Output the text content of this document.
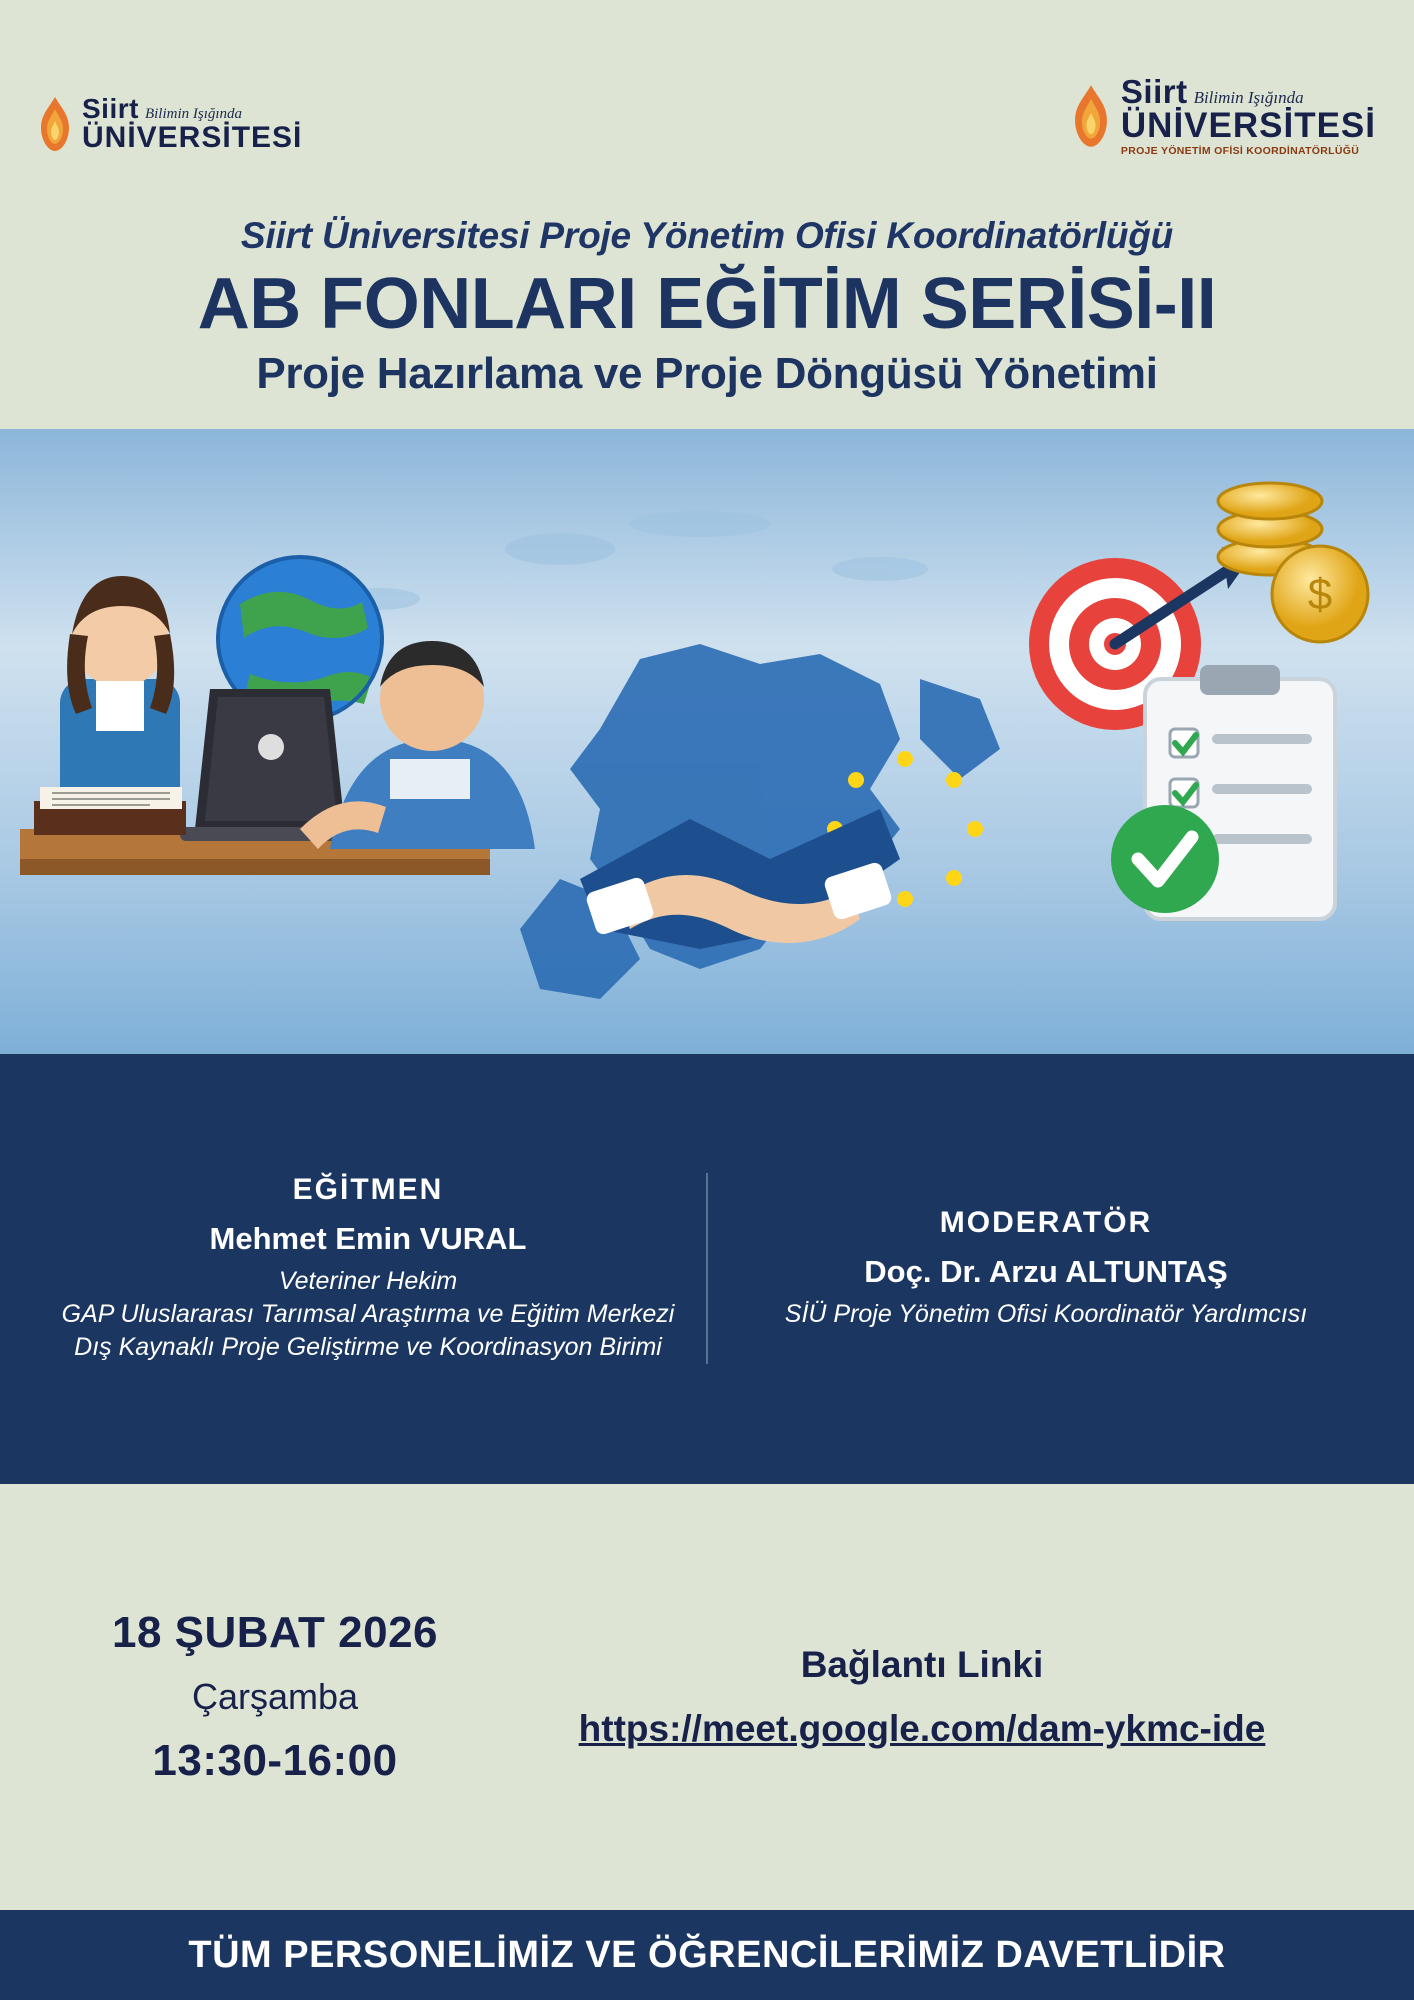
Siirt Bilimin Işığında
ÜNİVERSİTESİ
Siirt Bilimin Işığında
ÜNİVERSİTESİ
PROJE YÖNETİM OFİSİ KOORDİNATÖRLÜĞÜ
Siirt Üniversitesi Proje Yönetim Ofisi Koordinatörlüğü
AB FONLARI EĞİTİM SERİSİ-II
Proje Hazırlama ve Proje Döngüsü Yönetimi
$
EĞİTMEN
Mehmet Emin VURAL
Veteriner Hekim
GAP Uluslararası Tarımsal Araştırma ve Eğitim Merkezi Dış Kaynaklı Proje Geliştirme ve Koordinasyon Birimi
MODERATÖR
Doç. Dr. Arzu ALTUNTAŞ
SİÜ Proje Yönetim Ofisi Koordinatör Yardımcısı
18 ŞUBAT 2026
Çarşamba
13:30-16:00
Bağlantı Linki
https://meet.google.com/dam-ykmc-ide
TÜM PERSONELİMİZ VE ÖĞRENCİLERİMİZ DAVETLİDİR
